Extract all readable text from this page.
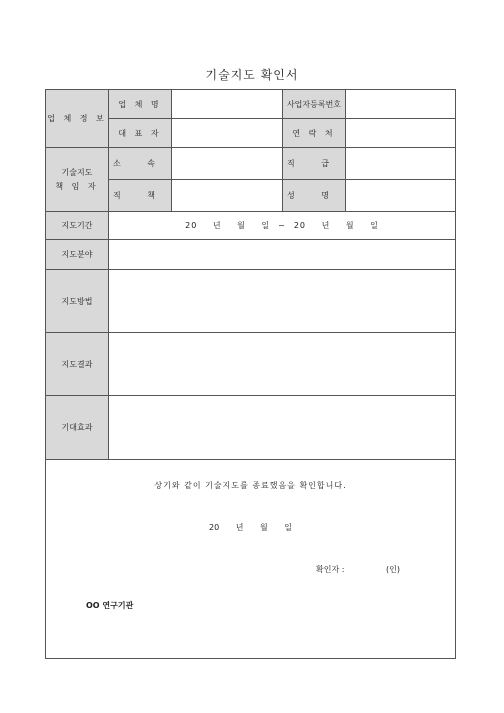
기술지도 확인서
업 체 정 보	업 체 명		사업자등록번호	
	대 표 자		연 락 처	

기술지도
책 임 자	소 속		직 급	
	직 책		성 명	
지도기간	20 년 월 일 ~ 20 년 월 일			
지도분야				
지도방법				
지도결과				
기대효과				

상기와 같이 기술지도를 종료했음을 확인합니다.
20 년 월 일
확인자 : (인)
OO 연구기관				
